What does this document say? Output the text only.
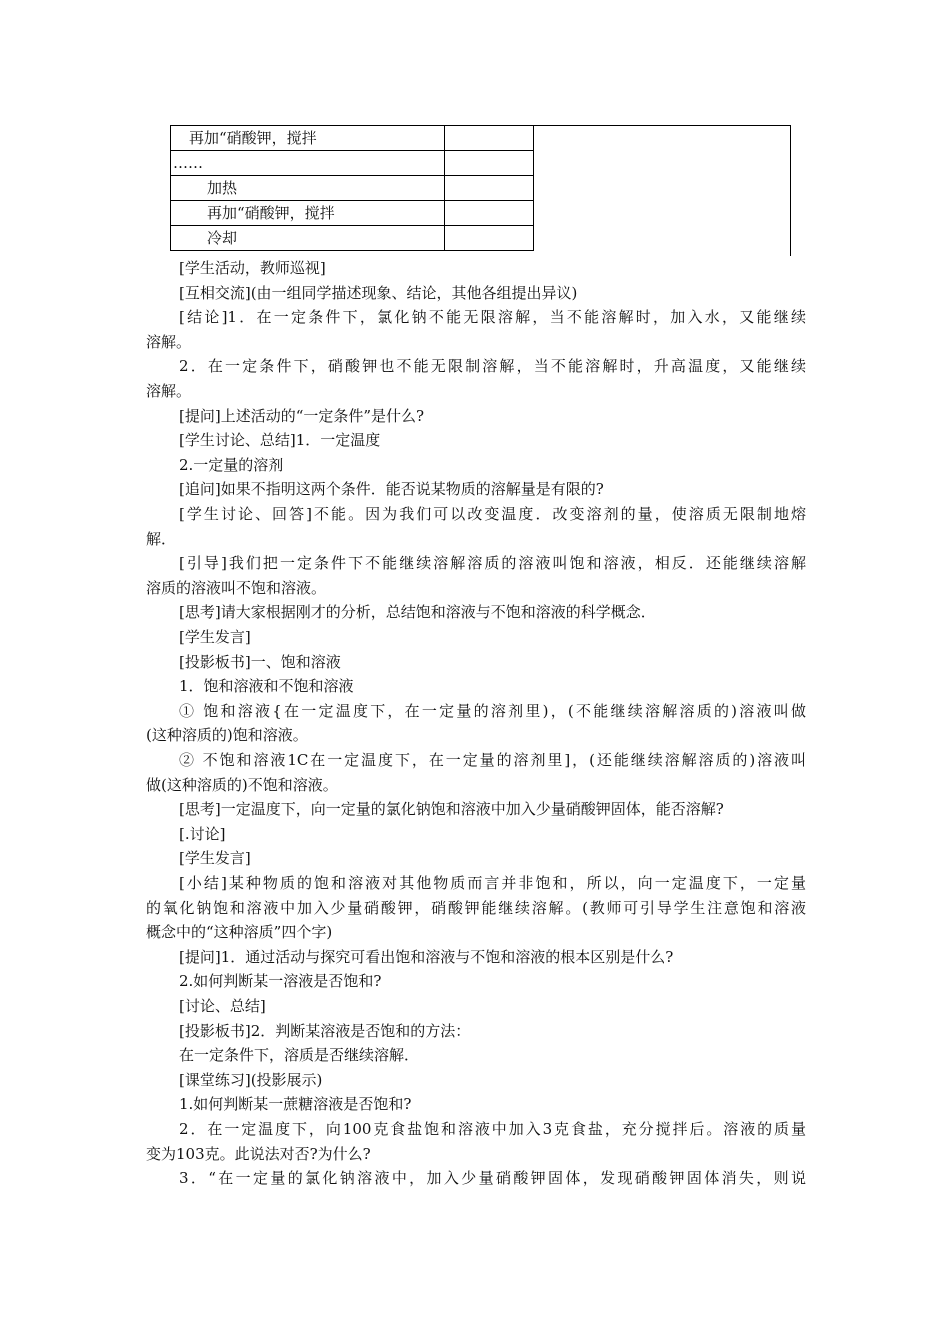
再加“硝酸钾，搅拌	
……	
加热	
再加“硝酸钾，搅拌	
冷却	
[学生活动，教师巡视]
[互相交流](由一组同学描述现象、结论，其他各组提出异议)
[结论]1．在一定条件下，氯化钠不能无限溶解，当不能溶解时，加入水，又能继续
溶解。
2．在一定条件下，硝酸钾也不能无限制溶解，当不能溶解时，升高温度，又能继续
溶解。
[提问]上述活动的“一定条件”是什么?
[学生讨论、总结]1．一定温度
2.一定量的溶剂
[追问]如果不指明这两个条件．能否说某物质的溶解量是有限的?
[学生讨论、回答]不能。因为我们可以改变温度．改变溶剂的量，使溶质无限制地熔
解．
[引导]我们把一定条件下不能继续溶解溶质的溶液叫饱和溶液，相反．还能继续溶解
溶质的溶液叫不饱和溶液。
[思考]请大家根据刚才的分析，总结饱和溶液与不饱和溶液的科学概念．
[学生发言]
[投影板书]一、饱和溶液
1．饱和溶液和不饱和溶液
① 饱和溶液{在一定温度下，在一定量的溶剂里)，(不能继续溶解溶质的)溶液叫做
(这种溶质的)饱和溶液。
② 不饱和溶液1C在一定温度下，在一定量的溶剂里]，(还能继续溶解溶质的)溶液叫
做(这种溶质的)不饱和溶液。
[思考]一定温度下，向一定量的氯化钠饱和溶液中加入少量硝酸钾固体，能否溶解?
[.讨论]
[学生发言]
[小结]某种物质的饱和溶液对其他物质而言并非饱和，所以，向一定温度下，一定量
的氧化钠饱和溶液中加入少量硝酸钾，硝酸钾能继续溶解。(教师可引导学生注意饱和溶液
概念中的“这种溶质”四个字)
[提问]1．通过活动与探究可看出饱和溶液与不饱和溶液的根本区别是什么?
2.如何判断某一溶液是否饱和?
[讨论、总结]
[投影板书]2．判断某溶液是否饱和的方法：
在一定条件下，溶质是否继续溶解．
[课堂练习](投影展示)
1.如何判断某一蔗糖溶液是否饱和?
2．在一定温度下，向100克食盐饱和溶液中加入3克食盐，充分搅拌后。溶液的质量
变为103克。此说法对否?为什么?
3．“在一定量的氯化钠溶液中，加入少量硝酸钾固体，发现硝酸钾固体消失，则说
